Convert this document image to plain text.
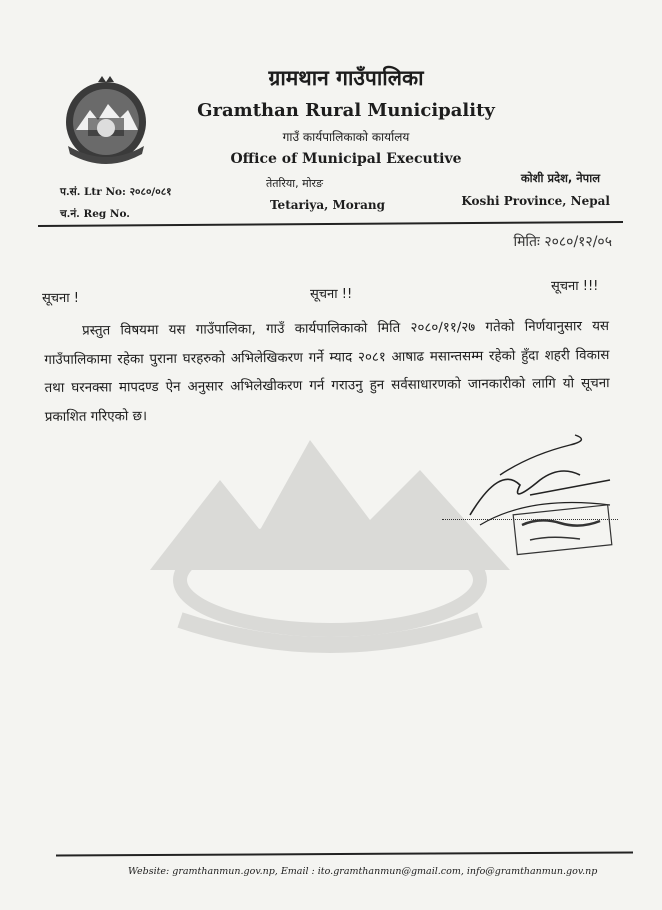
ग्रामथान गाउँपालिका
Gramthan Rural Municipality
गाउँ कार्यपालिकाको कार्यालय
Office of Municipal Executive
तेतरिया, मोरङ
Tetariya, Morang
प.सं. Ltr No: २०८०/०८१
च.नं. Reg No.
कोशी प्रदेश, नेपाल
Koshi Province, Nepal
मितिः २०८०/१२/०५
सूचना !	सूचना !!
सूचना !!!
प्रस्तुत विषयमा यस गाउँपालिका, गाउँ कार्यपालिकाको मिति २०८०/११/२७ गतेको निर्णयानुसार यस गाउँपालिकामा रहेका पुराना घरहरुको अभिलेखिकरण गर्ने म्याद २०८१ आषाढ मसान्तसम्म रहेको हुँदा शहरी विकास तथा घरनक्सा मापदण्ड ऐन अनुसार अभिलेखीकरण गर्न गराउनु हुन सर्वसाधारणको जानकारीको लागि यो सूचना प्रकाशित गरिएको छ।
Website: gramthanmun.gov.np, Email : ito.gramthanmun@gmail.com, info@gramthanmun.gov.np
